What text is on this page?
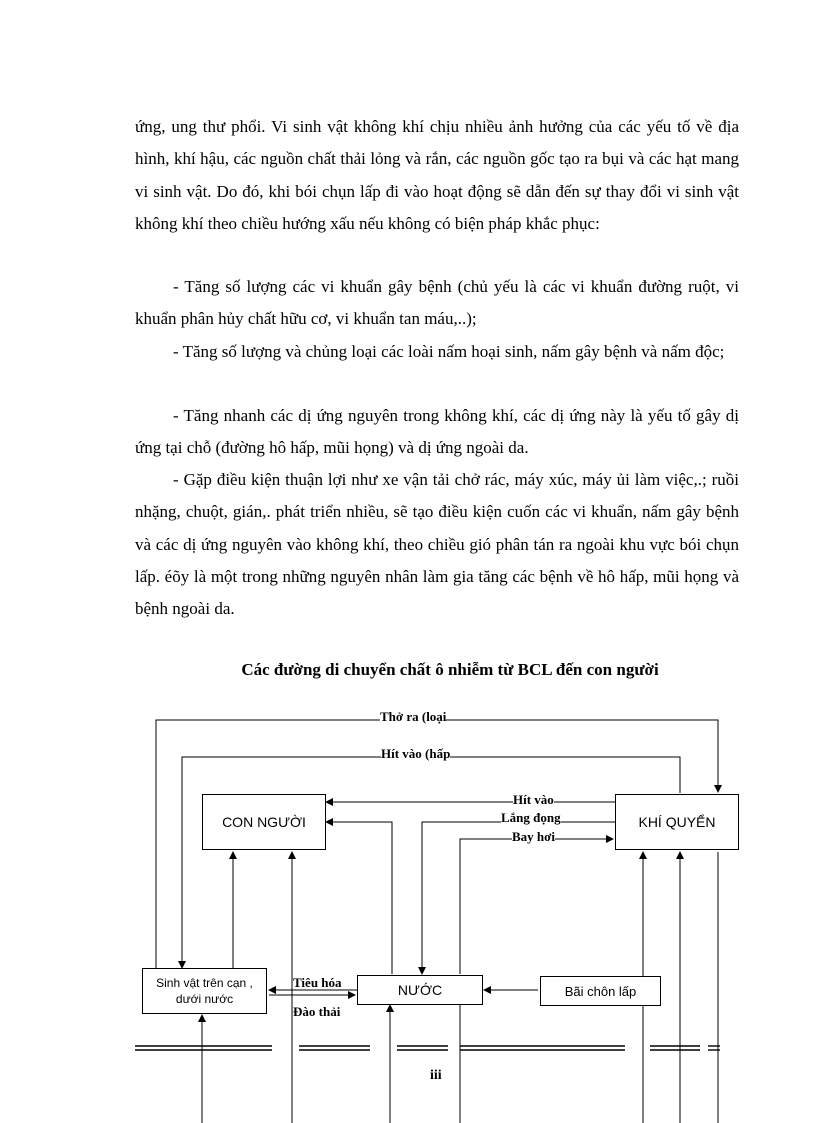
ứng, ung thư phổi. Vi sinh vật không khí chịu nhiều ảnh hưởng của các yếu tố về địa hình, khí hậu, các nguồn chất thải lỏng và rắn, các nguồn gốc tạo ra bụi và các hạt mang vi sinh vật. Do đó, khi bói chụn lấp đi vào hoạt động sẽ dẫn đến sự thay đổi vi sinh vật không khí theo chiều hướng xấu nếu không có biện pháp khắc phục:

- Tăng số lượng các vi khuẩn gây bệnh (chủ yếu là các vi khuẩn đường ruột, vi khuẩn phân hủy chất hữu cơ, vi khuẩn tan máu,..);

- Tăng số lượng và chủng loại các loài nấm hoại sinh, nấm gây bệnh và nấm độc;

- Tăng nhanh các dị ứng nguyên trong không khí, các dị ứng này là yếu tố gây dị ứng tại chỗ (đường hô hấp, mũi họng) và dị ứng ngoài da.

- Gặp điều kiện thuận lợi như xe vận tải chở rác, máy xúc, máy ủi làm việc,.; ruồi nhặng, chuột, gián,. phát triển nhiều, sẽ tạo điều kiện cuốn các vi khuẩn, nấm gây bệnh và các dị ứng nguyên vào không khí, theo chiều gió phân tán ra ngoài khu vực bói chụn lấp. éõy là một trong những nguyên nhân làm gia tăng các bệnh về hô hấp, mũi họng và bệnh ngoài da.

Các đường di chuyển chất ô nhiễm từ BCL đến con người

CON NGƯỜI	KHÍ QUYỂN
Sinh vật trên cạn , dưới nước
NƯỚC	Bãi chôn lấp
Thở ra (loại
Hít vào (hấp
Hít vào
Lắng đọng
Bay hơi
Tiêu hóa
Đào thải
iii
